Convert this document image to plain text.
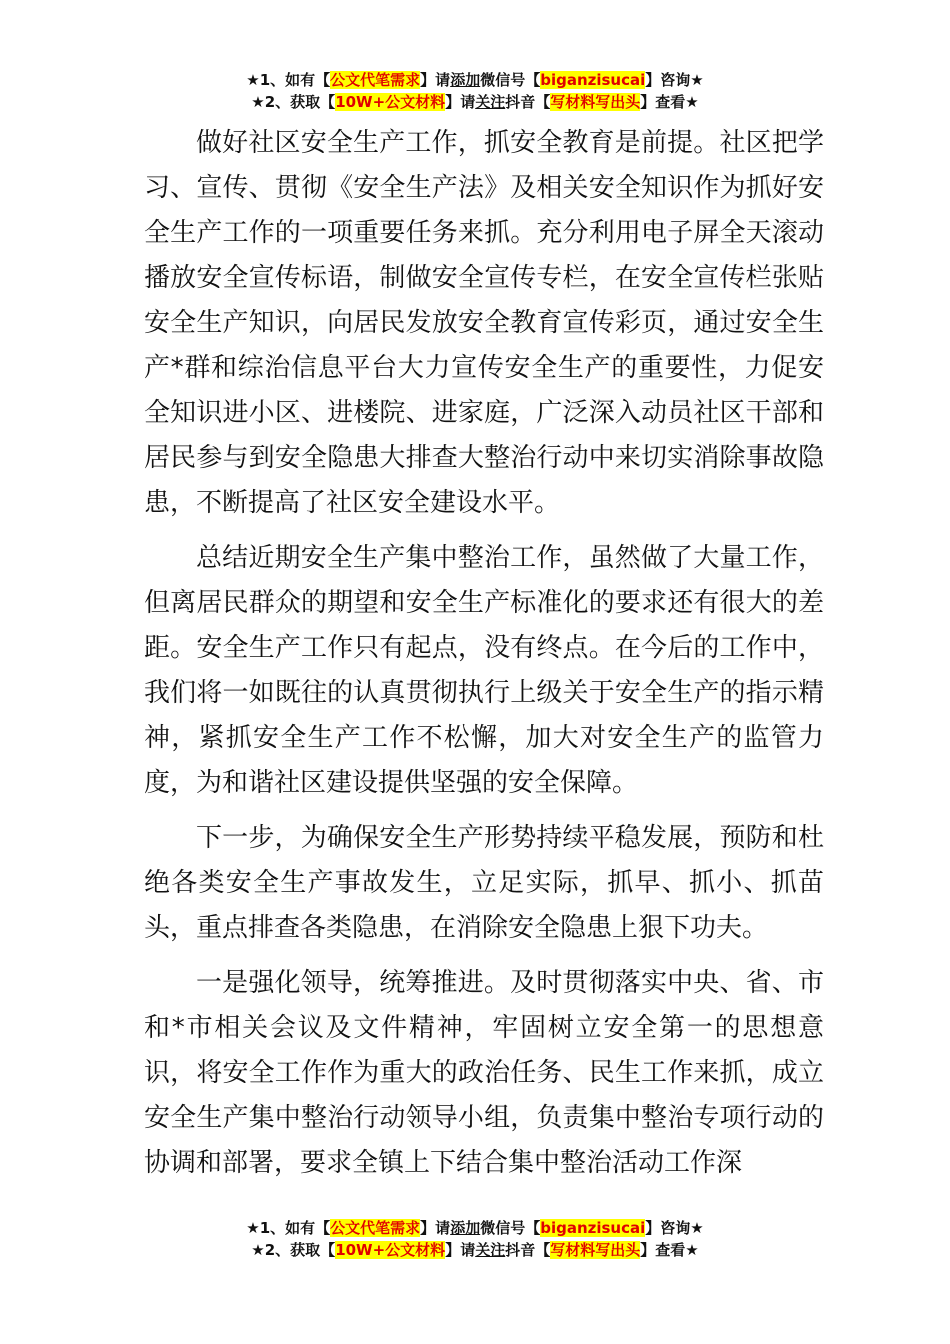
★1、如有【公文代笔需求】请添加微信号【biganzisucai】咨询★
★2、获取【10W+公文材料】请关注抖音【写材料写出头】查看★

做好社区安全生产工作，抓安全教育是前提。社区把学习、宣传、贯彻《安全生产法》及相关安全知识作为抓好安全生产工作的一项重要任务来抓。充分利用电子屏全天滚动播放安全宣传标语，制做安全宣传专栏，在安全宣传栏张贴安全生产知识，向居民发放安全教育宣传彩页，通过安全生产*群和综治信息平台大力宣传安全生产的重要性，力促安全知识进小区、进楼院、进家庭，广泛深入动员社区干部和居民参与到安全隐患大排查大整治行动中来切实消除事故隐患，不断提高了社区安全建设水平。

总结近期安全生产集中整治工作，虽然做了大量工作，但离居民群众的期望和安全生产标准化的要求还有很大的差距。安全生产工作只有起点，没有终点。在今后的工作中，我们将一如既往的认真贯彻执行上级关于安全生产的指示精神，紧抓安全生产工作不松懈，加大对安全生产的监管力度，为和谐社区建设提供坚强的安全保障。

下一步，为确保安全生产形势持续平稳发展，预防和杜绝各类安全生产事故发生，立足实际，抓早、抓小、抓苗头，重点排查各类隐患，在消除安全隐患上狠下功夫。

一是强化领导，统筹推进。及时贯彻落实中央、省、市和*市相关会议及文件精神，牢固树立安全第一的思想意识，将安全工作作为重大的政治任务、民生工作来抓，成立安全生产集中整治行动领导小组，负责集中整治专项行动的协调和部署，要求全镇上下结合集中整治活动工作深

★1、如有【公文代笔需求】请添加微信号【biganzisucai】咨询★
★2、获取【10W+公文材料】请关注抖音【写材料写出头】查看★
